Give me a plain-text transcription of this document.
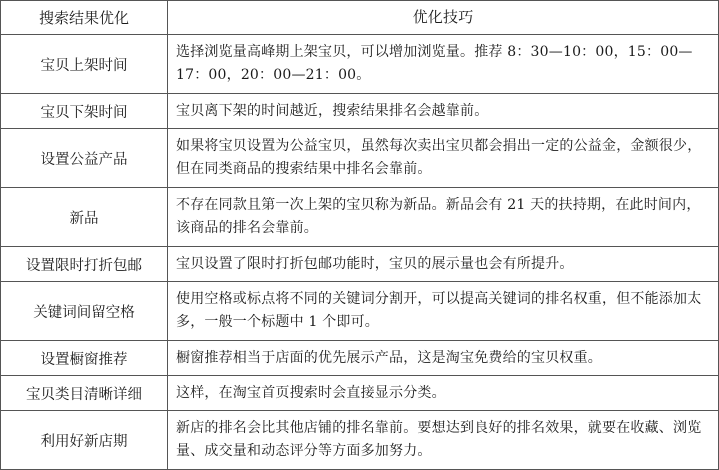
搜索结果优化	优化技巧
宝贝上架时间	选择浏览量高峰期上架宝贝，可以增加浏览量。推荐 8：30—10：00，15：00—17：00，20：00—21：00。
宝贝下架时间	宝贝离下架的时间越近，搜索结果排名会越靠前。
设置公益产品	如果将宝贝设置为公益宝贝，虽然每次卖出宝贝都会捐出一定的公益金，金额很少，但在同类商品的搜索结果中排名会靠前。
新品	不存在同款且第一次上架的宝贝称为新品。新品会有 21 天的扶持期，在此时间内，该商品的排名会靠前。
设置限时打折包邮	宝贝设置了限时打折包邮功能时，宝贝的展示量也会有所提升。
关键词间留空格	使用空格或标点将不同的关键词分割开，可以提高关键词的排名权重，但不能添加太多，一般一个标题中 1 个即可。
设置橱窗推荐	橱窗推荐相当于店面的优先展示产品，这是淘宝免费给的宝贝权重。
宝贝类目清晰详细	这样，在淘宝首页搜索时会直接显示分类。
利用好新店期	新店的排名会比其他店铺的排名靠前。要想达到良好的排名效果，就要在收藏、浏览量、成交量和动态评分等方面多加努力。
